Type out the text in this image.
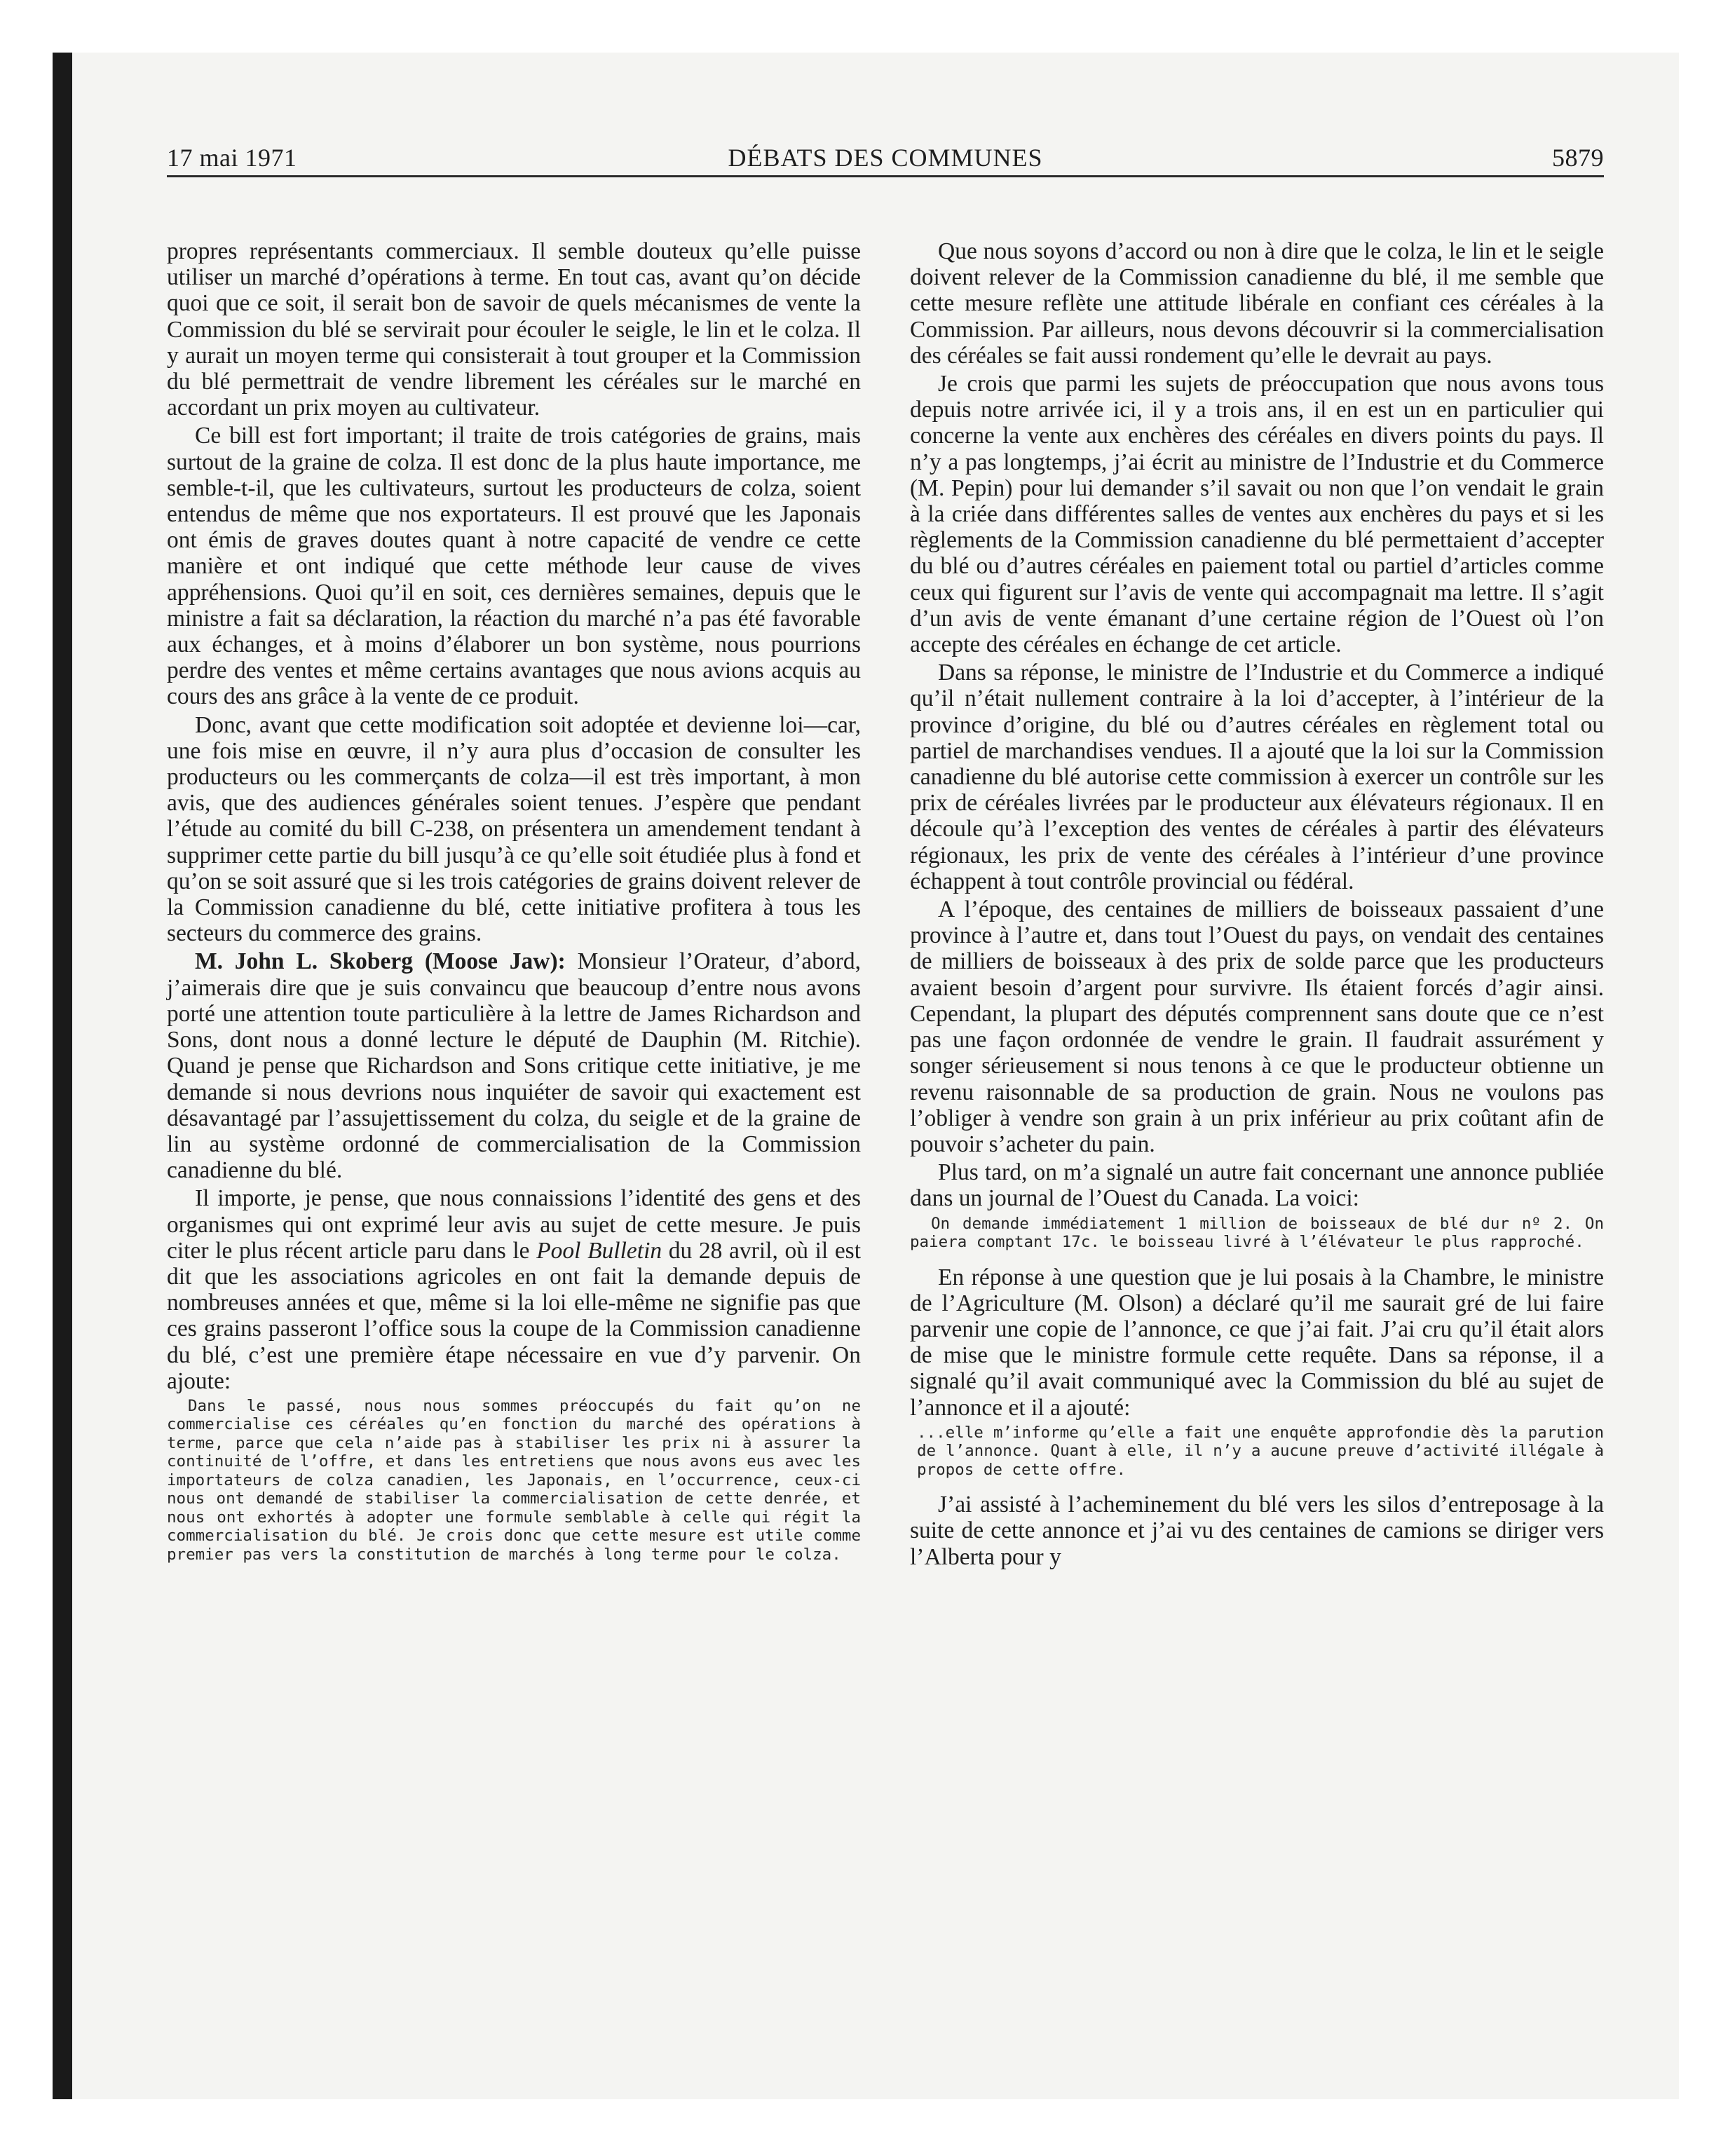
17 mai 1971	DÉBATS DES COMMUNES	5879

propres représentants commerciaux. Il semble douteux qu’elle puisse utiliser un marché d’opérations à terme. En tout cas, avant qu’on décide quoi que ce soit, il serait bon de savoir de quels mécanismes de vente la Commission du blé se servirait pour écouler le seigle, le lin et le colza. Il y aurait un moyen terme qui consisterait à tout grouper et la Commission du blé permettrait de vendre librement les céréales sur le marché en accordant un prix moyen au cultivateur.

Ce bill est fort important; il traite de trois catégories de grains, mais surtout de la graine de colza. Il est donc de la plus haute importance, me semble-t-il, que les cultivateurs, surtout les producteurs de colza, soient entendus de même que nos exportateurs. Il est prouvé que les Japonais ont émis de graves doutes quant à notre capacité de vendre ce cette manière et ont indiqué que cette méthode leur cause de vives appréhensions. Quoi qu’il en soit, ces dernières semaines, depuis que le ministre a fait sa déclaration, la réaction du marché n’a pas été favorable aux échanges, et à moins d’élaborer un bon système, nous pourrions perdre des ventes et même certains avantages que nous avions acquis au cours des ans grâce à la vente de ce produit.

Donc, avant que cette modification soit adoptée et devienne loi—car, une fois mise en œuvre, il n’y aura plus d’occasion de consulter les producteurs ou les commerçants de colza—il est très important, à mon avis, que des audiences générales soient tenues. J’espère que pendant l’étude au comité du bill C-238, on présentera un amendement tendant à supprimer cette partie du bill jusqu’à ce qu’elle soit étudiée plus à fond et qu’on se soit assuré que si les trois catégories de grains doivent relever de la Commission canadienne du blé, cette initiative profitera à tous les secteurs du commerce des grains.

M. John L. Skoberg (Moose Jaw): Monsieur l’Orateur, d’abord, j’aimerais dire que je suis convaincu que beaucoup d’entre nous avons porté une attention toute particulière à la lettre de James Richardson and Sons, dont nous a donné lecture le député de Dauphin (M. Ritchie). Quand je pense que Richardson and Sons critique cette initiative, je me demande si nous devrions nous inquiéter de savoir qui exactement est désavantagé par l’assujettissement du colza, du seigle et de la graine de lin au système ordonné de commercialisation de la Commission canadienne du blé.

Il importe, je pense, que nous connaissions l’identité des gens et des organismes qui ont exprimé leur avis au sujet de cette mesure. Je puis citer le plus récent article paru dans le Pool Bulletin du 28 avril, où il est dit que les associations agricoles en ont fait la demande depuis de nombreuses années et que, même si la loi elle-même ne signifie pas que ces grains passeront l’office sous la coupe de la Commission canadienne du blé, c’est une première étape nécessaire en vue d’y parvenir. On ajoute:

Dans le passé, nous nous sommes préoccupés du fait qu’on ne commercialise ces céréales qu’en fonction du marché des opérations à terme, parce que cela n’aide pas à stabiliser les prix ni à assurer la continuité de l’offre, et dans les entretiens que nous avons eus avec les importateurs de colza canadien, les Japonais, en l’occurrence, ceux-ci nous ont demandé de stabiliser la commercialisation de cette denrée, et nous ont exhortés à adopter une formule semblable à celle qui régit la commercialisation du blé. Je crois donc que cette mesure est utile comme premier pas vers la constitution de marchés à long terme pour le colza.

Que nous soyons d’accord ou non à dire que le colza, le lin et le seigle doivent relever de la Commission canadienne du blé, il me semble que cette mesure reflète une attitude libérale en confiant ces céréales à la Commission. Par ailleurs, nous devons découvrir si la commercialisation des céréales se fait aussi rondement qu’elle le devrait au pays.

Je crois que parmi les sujets de préoccupation que nous avons tous depuis notre arrivée ici, il y a trois ans, il en est un en particulier qui concerne la vente aux enchères des céréales en divers points du pays. Il n’y a pas longtemps, j’ai écrit au ministre de l’Industrie et du Commerce (M. Pepin) pour lui demander s’il savait ou non que l’on vendait le grain à la criée dans différentes salles de ventes aux enchères du pays et si les règlements de la Commission canadienne du blé permettaient d’accepter du blé ou d’autres céréales en paiement total ou partiel d’articles comme ceux qui figurent sur l’avis de vente qui accompagnait ma lettre. Il s’agit d’un avis de vente émanant d’une certaine région de l’Ouest où l’on accepte des céréales en échange de cet article.

Dans sa réponse, le ministre de l’Industrie et du Commerce a indiqué qu’il n’était nullement contraire à la loi d’accepter, à l’intérieur de la province d’origine, du blé ou d’autres céréales en règlement total ou partiel de marchandises vendues. Il a ajouté que la loi sur la Commission canadienne du blé autorise cette commission à exercer un contrôle sur les prix de céréales livrées par le producteur aux élévateurs régionaux. Il en découle qu’à l’exception des ventes de céréales à partir des élévateurs régionaux, les prix de vente des céréales à l’intérieur d’une province échappent à tout contrôle provincial ou fédéral.

A l’époque, des centaines de milliers de boisseaux passaient d’une province à l’autre et, dans tout l’Ouest du pays, on vendait des centaines de milliers de boisseaux à des prix de solde parce que les producteurs avaient besoin d’argent pour survivre. Ils étaient forcés d’agir ainsi. Cependant, la plupart des députés comprennent sans doute que ce n’est pas une façon ordonnée de vendre le grain. Il faudrait assurément y songer sérieusement si nous tenons à ce que le producteur obtienne un revenu raisonnable de sa production de grain. Nous ne voulons pas l’obliger à vendre son grain à un prix inférieur au prix coûtant afin de pouvoir s’acheter du pain.

Plus tard, on m’a signalé un autre fait concernant une annonce publiée dans un journal de l’Ouest du Canada. La voici:

On demande immédiatement 1 million de boisseaux de blé dur nº 2. On paiera comptant 17c. le boisseau livré à l’élévateur le plus rapproché.

En réponse à une question que je lui posais à la Chambre, le ministre de l’Agriculture (M. Olson) a déclaré qu’il me saurait gré de lui faire parvenir une copie de l’annonce, ce que j’ai fait. J’ai cru qu’il était alors de mise que le ministre formule cette requête. Dans sa réponse, il a signalé qu’il avait communiqué avec la Commission du blé au sujet de l’annonce et il a ajouté:

...elle m’informe qu’elle a fait une enquête approfondie dès la parution de l’annonce. Quant à elle, il n’y a aucune preuve d’activité illégale à propos de cette offre.

J’ai assisté à l’acheminement du blé vers les silos d’entreposage à la suite de cette annonce et j’ai vu des centaines de camions se diriger vers l’Alberta pour y
